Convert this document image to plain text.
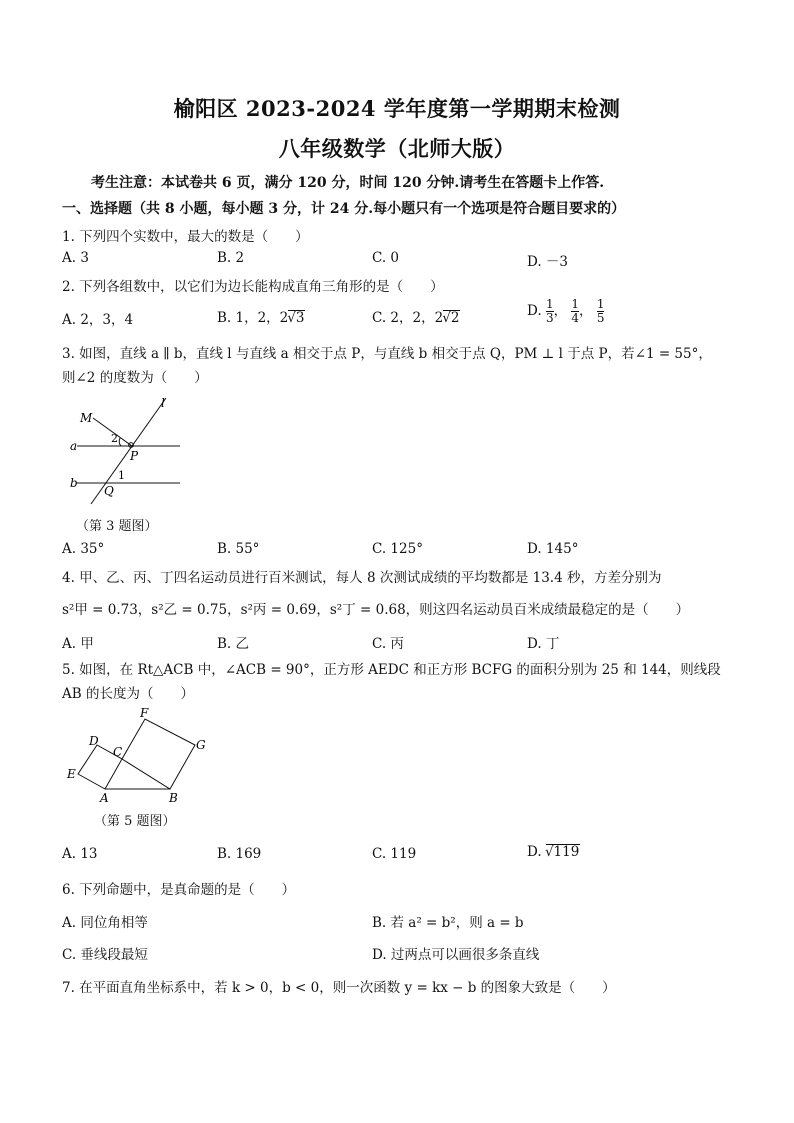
榆阳区 2023-2024 学年度第一学期期末检测
八年级数学（北师大版）
考生注意：本试卷共 6 页，满分 120 分，时间 120 分钟.请考生在答题卡上作答.
一、选择题（共 8 小题，每小题 3 分，计 24 分.每小题只有一个选项是符合题目要求的）
1. 下列四个实数中，最大的数是（　　）
A. 3	B. 2	C. 0	D. －3
2. 下列各组数中，以它们为边长能构成直角三角形的是（　　）
A. 2，3，4	B. 1，2，2√3	C. 2，2，2√2	D. $\frac{1}{3}$ ， $\frac{1}{4}$ ， $\frac{1}{5}$
3. 如图，直线 a ∥ b，直线 l 与直线 a 相交于点 P，与直线 b 相交于点 Q，PM ⊥ l 于点 P，若∠1 = 55°，
则∠2 的度数为（　　）
M
l
a
b
P
Q
1
2
（第 3 题图）
A. 35°	B. 55°	C. 125°	D. 145°
4. 甲、乙、丙、丁四名运动员进行百米测试，每人 8 次测试成绩的平均数都是 13.4 秒，方差分别为
s²甲 = 0.73，s²乙 = 0.75，s²丙 = 0.69，s²丁 = 0.68，则这四名运动员百米成绩最稳定的是（　　）
A. 甲	B. 乙	C. 丙	D. 丁
5. 如图，在 Rt△ACB 中，∠ACB = 90°，正方形 AEDC 和正方形 BCFG 的面积分别为 25 和 144，则线段
AB 的长度为（　　）
F
D
C	G
E
A	B
（第 5 题图）
A. 13	B. 169	C. 119	D. √119
6. 下列命题中，是真命题的是（　　）
A. 同位角相等	B. 若 a² = b²，则 a = b
C. 垂线段最短	D. 过两点可以画很多条直线
7. 在平面直角坐标系中，若 k > 0，b < 0，则一次函数 y = kx − b 的图象大致是（　　）
